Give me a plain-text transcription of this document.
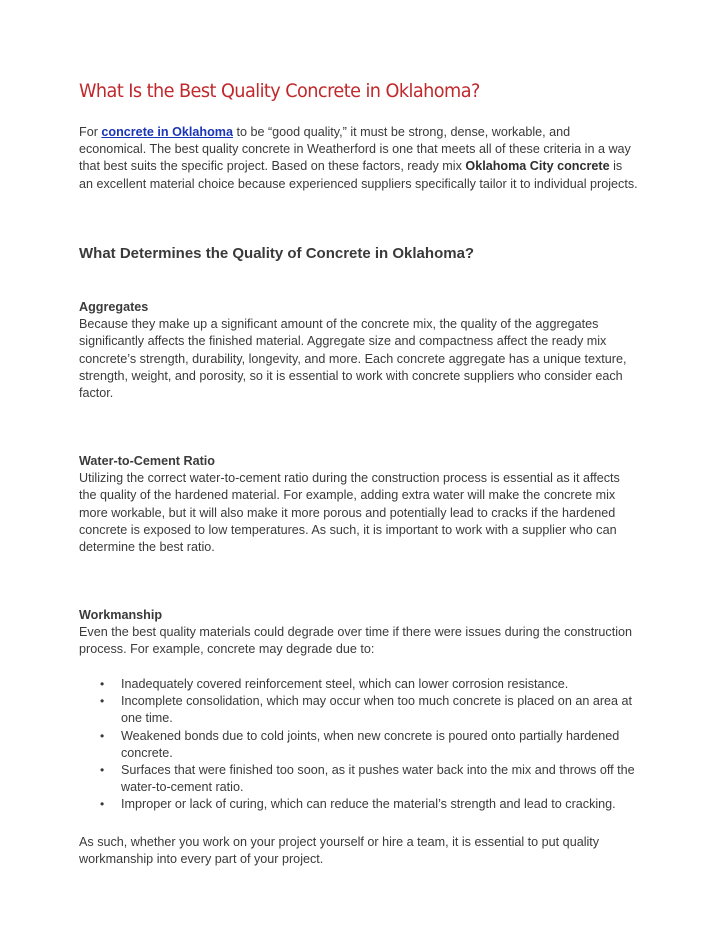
What Is the Best Quality Concrete in Oklahoma?

For concrete in Oklahoma to be “good quality,” it must be strong, dense, workable, and economical. The best quality concrete in Weatherford is one that meets all of these criteria in a way that best suits the specific project. Based on these factors, ready mix Oklahoma City concrete is an excellent material choice because experienced suppliers specifically tailor it to individual projects.

What Determines the Quality of Concrete in Oklahoma?

Aggregates
Because they make up a significant amount of the concrete mix, the quality of the aggregates significantly affects the finished material. Aggregate size and compactness affect the ready mix concrete’s strength, durability, longevity, and more. Each concrete aggregate has a unique texture, strength, weight, and porosity, so it is essential to work with concrete suppliers who consider each factor.

Water-to-Cement Ratio
Utilizing the correct water-to-cement ratio during the construction process is essential as it affects the quality of the hardened material. For example, adding extra water will make the concrete mix more workable, but it will also make it more porous and potentially lead to cracks if the hardened concrete is exposed to low temperatures. As such, it is important to work with a supplier who can determine the best ratio.

Workmanship
Even the best quality materials could degrade over time if there were issues during the construction process. For example, concrete may degrade due to:

• Inadequately covered reinforcement steel, which can lower corrosion resistance.
• Incomplete consolidation, which may occur when too much concrete is placed on an area at one time.
• Weakened bonds due to cold joints, when new concrete is poured onto partially hardened concrete.
• Surfaces that were finished too soon, as it pushes water back into the mix and throws off the water-to-cement ratio.
• Improper or lack of curing, which can reduce the material’s strength and lead to cracking.

As such, whether you work on your project yourself or hire a team, it is essential to put quality workmanship into every part of your project.
